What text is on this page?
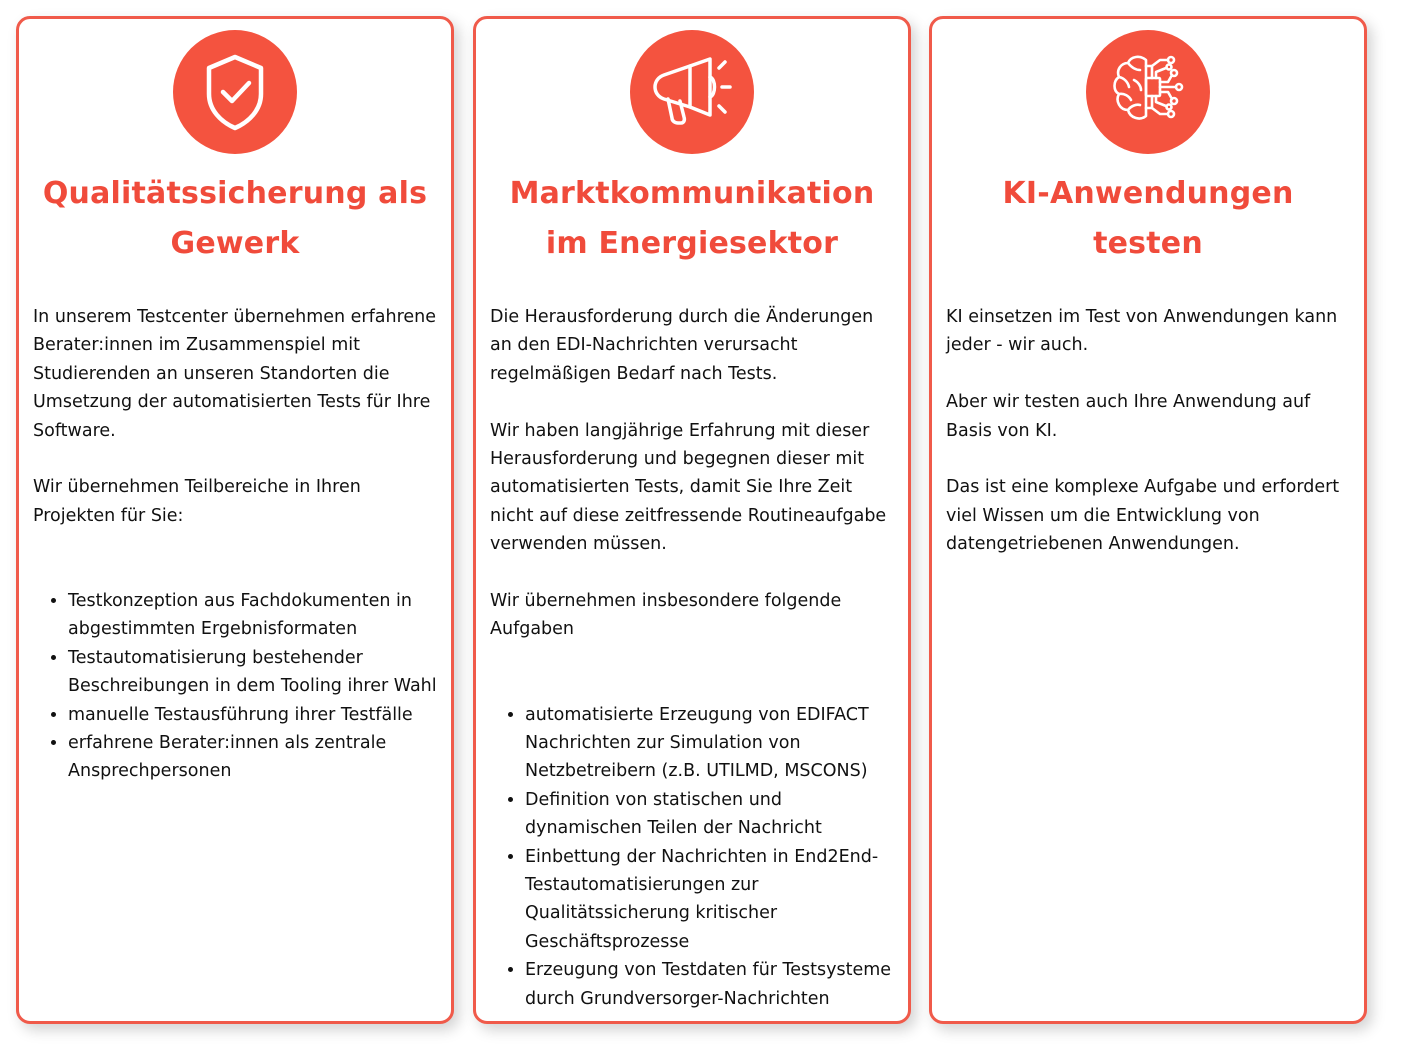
Qualitätssicherung als Gewerk

In unserem Testcenter übernehmen erfahrene Berater:innen im Zusammenspiel mit Studierenden an unseren Standorten die Umsetzung der automatisierten Tests für Ihre Software.

Wir übernehmen Teilbereiche in Ihren Projekten für Sie:

• Testkonzeption aus Fachdokumenten in abgestimmten Ergebnisformaten
• Testautomatisierung bestehender Beschreibungen in dem Tooling ihrer Wahl
• manuelle Testausführung ihrer Testfälle
• erfahrene Berater:innen als zentrale Ansprechpersonen
Marktkommunikation im Energiesektor

Die Herausforderung durch die Änderungen an den EDI-Nachrichten verursacht regelmäßigen Bedarf nach Tests.

Wir haben langjährige Erfahrung mit dieser Herausforderung und begegnen dieser mit automatisierten Tests, damit Sie Ihre Zeit nicht auf diese zeitfressende Routineaufgabe verwenden müssen.

Wir übernehmen insbesondere folgende Aufgaben

• automatisierte Erzeugung von EDIFACT Nachrichten zur Simulation von Netzbetreibern (z.B. UTILMD, MSCONS)
• Definition von statischen und dynamischen Teilen der Nachricht
• Einbettung der Nachrichten in End2End-Testautomatisierungen zur Qualitätssicherung kritischer Geschäftsprozesse
• Erzeugung von Testdaten für Testsysteme durch Grundversorger-Nachrichten
KI-Anwendungen testen

KI einsetzen im Test von Anwendungen kann jeder - wir auch.

Aber wir testen auch Ihre Anwendung auf Basis von KI.

Das ist eine komplexe Aufgabe und erfordert viel Wissen um die Entwicklung von datengetriebenen Anwendungen.
